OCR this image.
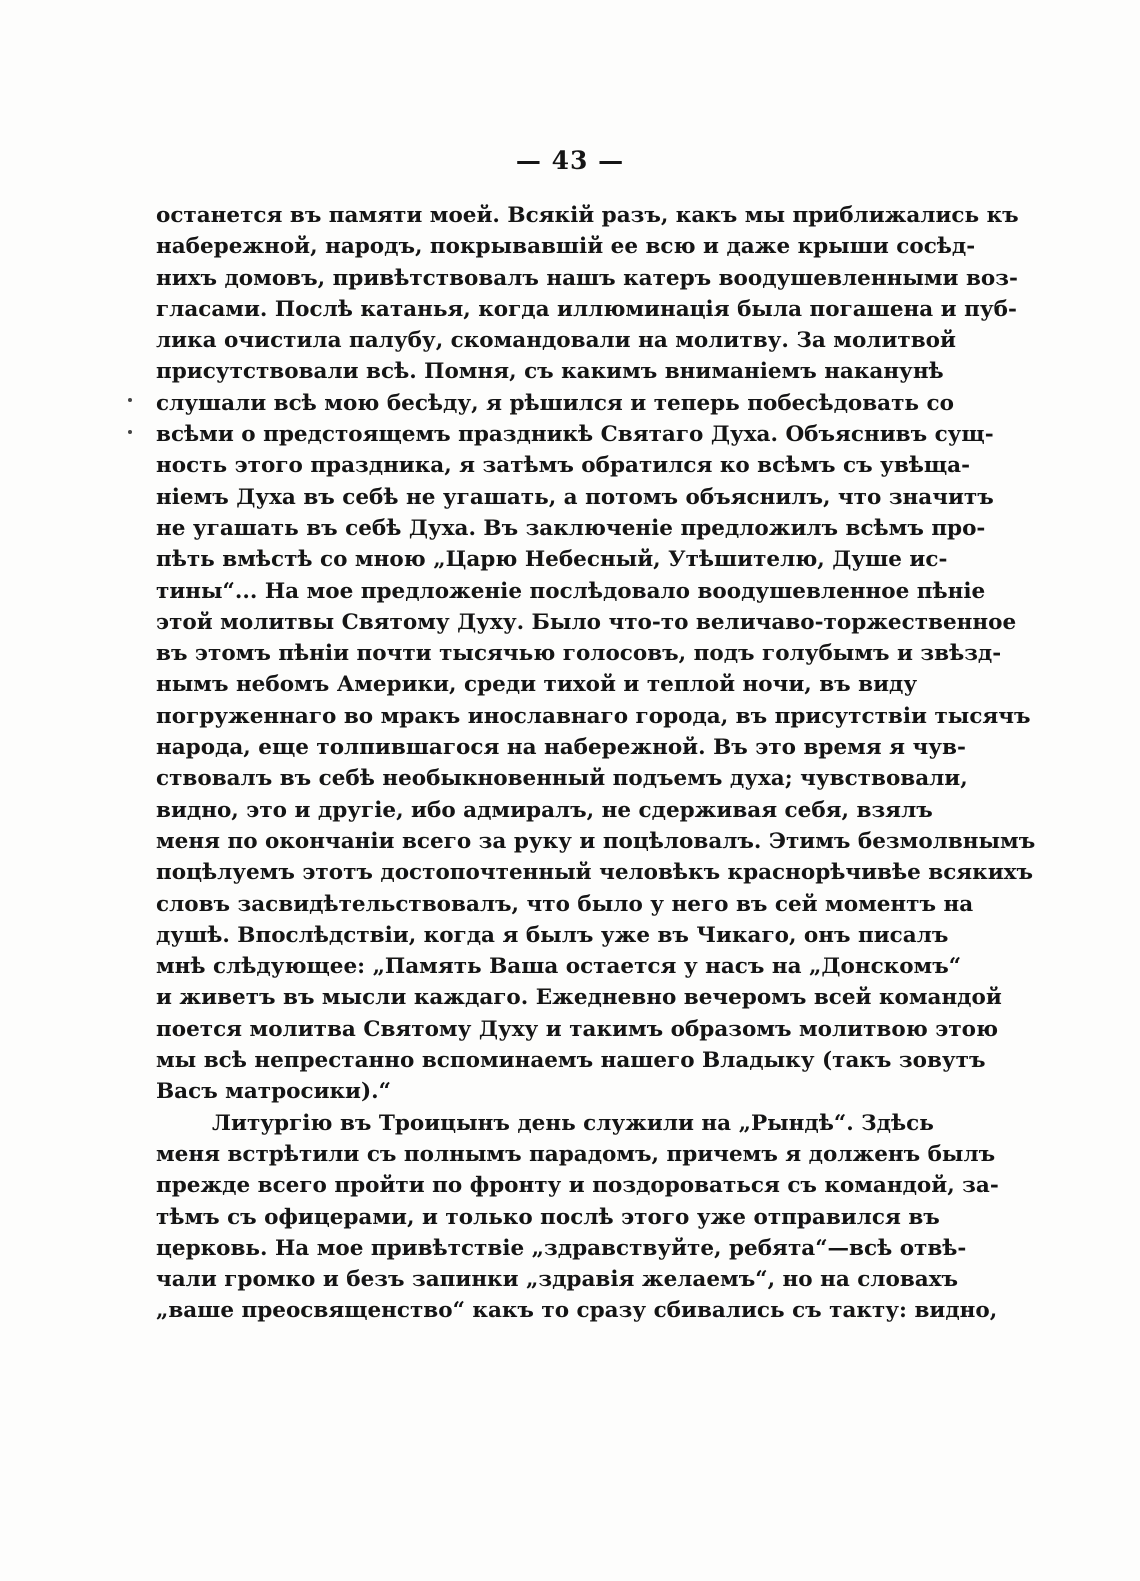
— 43 —
останется въ памяти моей. Всякій разъ, какъ мы приближались къ
набережной, народъ, покрывавшій ее всю и даже крыши сосѣд-
нихъ домовъ, привѣтствовалъ нашъ катеръ воодушевленными воз-
гласами. Послѣ катанья, когда иллюминація была погашена и пуб-
лика очистила палубу, скомандовали на молитву. За молитвой
присутствовали всѣ. Помня, съ какимъ вниманіемъ наканунѣ
слушали всѣ мою бесѣду, я рѣшился и теперь побесѣдовать со
всѣми о предстоящемъ праздникѣ Святаго Духа. Объяснивъ сущ-
ность этого праздника, я затѣмъ обратился ко всѣмъ съ увѣща-
ніемъ Духа въ себѣ не угашать, а потомъ объяснилъ, что значитъ
не угашать въ себѣ Духа. Въ заключеніе предложилъ всѣмъ про-
пѣть вмѣстѣ со мною „Царю Небесный, Утѣшителю, Душе ис-
тины“... На мое предложеніе послѣдовало воодушевленное пѣніе
этой молитвы Святому Духу. Было что-то величаво-торжественное
въ этомъ пѣніи почти тысячью голосовъ, подъ голубымъ и звѣзд-
нымъ небомъ Америки, среди тихой и теплой ночи, въ виду
погруженнаго во мракъ инославнаго города, въ присутствіи тысячъ
народа, еще толпившагося на набережной. Въ это время я чув-
ствовалъ въ себѣ необыкновенный подъемъ духа; чувствовали,
видно, это и другіе, ибо адмиралъ, не сдерживая себя, взялъ
меня по окончаніи всего за руку и поцѣловалъ. Этимъ безмолвнымъ
поцѣлуемъ этотъ достопочтенный человѣкъ краснорѣчивѣе всякихъ
словъ засвидѣтельствовалъ, что было у него въ сей моментъ на
душѣ. Впослѣдствіи, когда я былъ уже въ Чикаго, онъ писалъ
мнѣ слѣдующее: „Память Ваша остается у насъ на „Донскомъ“
и живетъ въ мысли каждаго. Ежедневно вечеромъ всей командой
поется молитва Святому Духу и такимъ образомъ молитвою этою
мы всѣ непрестанно вспоминаемъ нашего Владыку (такъ зовутъ
Васъ матросики).“
Литургію въ Троицынъ день служили на „Рындѣ“. Здѣсь
меня встрѣтили съ полнымъ парадомъ, причемъ я долженъ былъ
прежде всего пройти по фронту и поздороваться съ командой, за-
тѣмъ съ офицерами, и только послѣ этого уже отправился въ
церковь. На мое привѣтствіе „здравствуйте, ребята“—всѣ отвѣ-
чали громко и безъ запинки „здравія желаемъ“, но на словахъ
„ваше преосвященство“ какъ то сразу сбивались съ такту: видно,
